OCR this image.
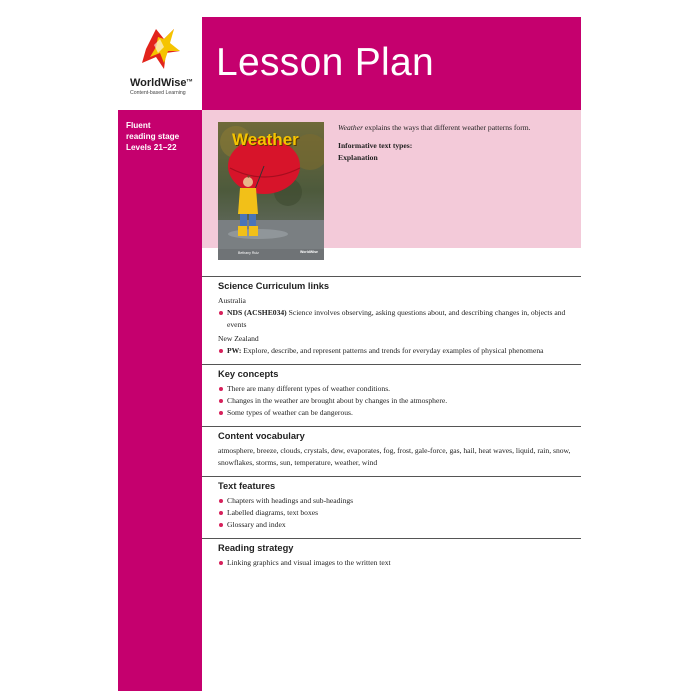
WorldWise™
Content-based Learning
Lesson Plan
Fluent
reading stage
Levels 21–22	Weather
Bethany Ruiz	WorldWise

Weather explains the ways that different weather patterns form.

Informative text types:

Explanation

Science Curriculum links

Australia

NDS (ACSHE034) Science involves observing, asking questions about, and describing changes in, objects and events

New Zealand

PW: Explore, describe, and represent patterns and trends for everyday examples of physical phenomena
Key concepts
There are many different types of weather conditions.
Changes in the weather are brought about by changes in the atmosphere.
Some types of weather can be dangerous.
Content vocabulary

atmosphere, breeze, clouds, crystals, dew, evaporates, fog, frost, gale-force, gas, hail, heat waves, liquid, rain, snow, snowflakes, storms, sun, temperature, weather, wind

Text features
Chapters with headings and sub-headings
Labelled diagrams, text boxes
Glossary and index
Reading strategy
Linking graphics and visual images to the written text
